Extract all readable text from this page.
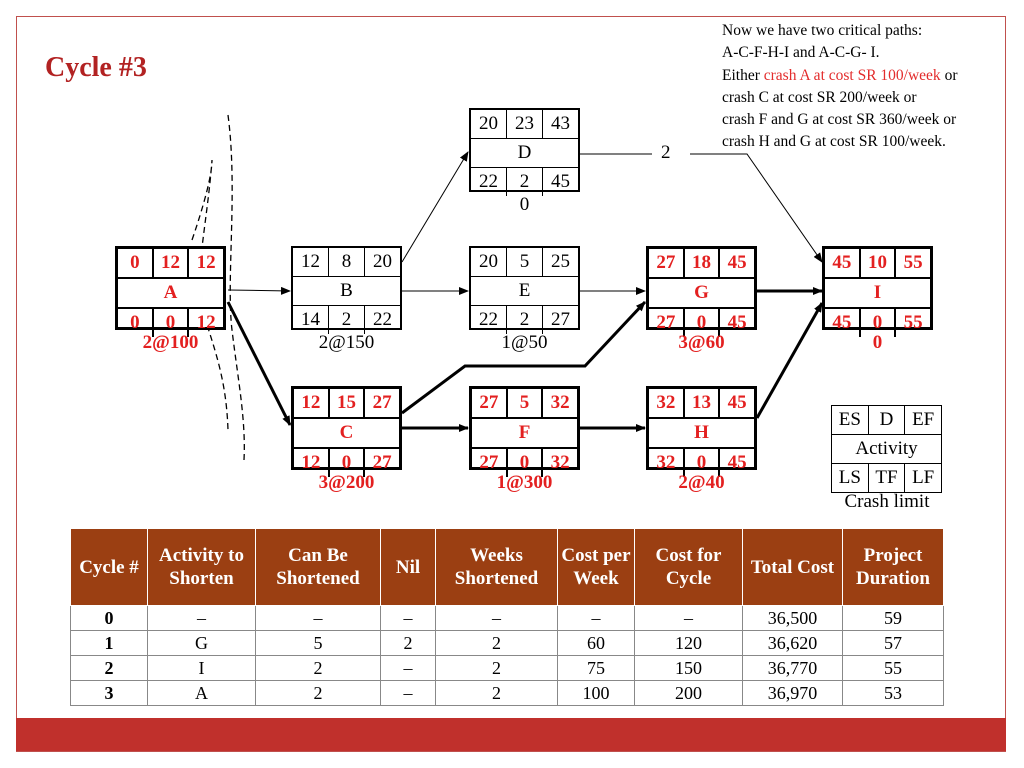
Cycle #3
Now we have two critical paths:
A-C-F-H-I and A-C-G- I.
Either crash A at cost SR 100/week or
crash C at cost SR 200/week or
crash F and G at cost SR 360/week or
crash H and G at cost SR 100/week.
2
0	12 12
A
0	0	12
2@100
12	8	20
B
14	2	22
2@150
12 15 27
C
12	0	27
3@200
20 23 43
D
22	2	45
0
20	5	25
E
22	2	27
1@50
27	5	32
F
27	0	32
1@300
27 18 45
G
27	0	45
3@60
32 13 45
H
32	0	45
2@40
45 10 55
I
45	0	55
0
ES D EF
Activity
LS TF LF
Crash limit
Cycle #	Activity to Shorten	Can Be Shortened	Nil	Weeks Shortened	Cost per Week	Cost for Cycle	Total Cost	Project Duration
0	–	–	–	–	–	–	36,500	59
1	G	5	2	2	60	120	36,620	57
2	I	2	–	2	75	150	36,770	55
3	A	2	–	2	100	200	36,970	53
